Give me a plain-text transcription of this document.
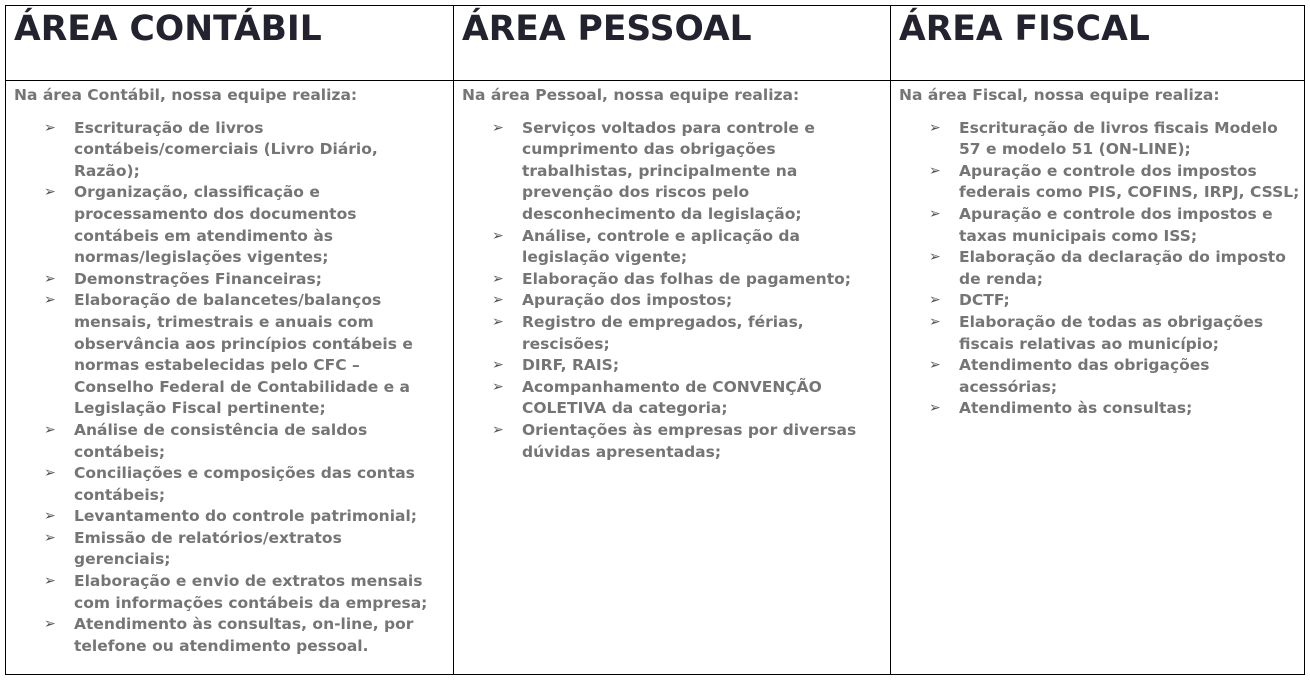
ÁREA CONTÁBIL

Na área Contábil, nossa equipe realiza:

➢ Escrituração de livros contábeis/comerciais (Livro Diário, Razão);
➢ Organização, classificação e processamento dos documentos contábeis em atendimento às normas/legislações vigentes;
➢ Demonstrações Financeiras;
➢ Elaboração de balancetes/balanços mensais, trimestrais e anuais com observância aos princípios contábeis e normas estabelecidas pelo CFC – Conselho Federal de Contabilidade e a Legislação Fiscal pertinente;
➢ Análise de consistência de saldos contábeis;
➢ Conciliações e composições das contas contábeis;
➢ Levantamento do controle patrimonial;
➢ Emissão de relatórios/extratos gerenciais;
➢ Elaboração e envio de extratos mensais com informações contábeis da empresa;
➢ Atendimento às consultas, on-line, por telefone ou atendimento pessoal.
ÁREA PESSOAL

Na área Pessoal, nossa equipe realiza:

➢ Serviços voltados para controle e cumprimento das obrigações trabalhistas, principalmente na prevenção dos riscos pelo desconhecimento da legislação;
➢ Análise, controle e aplicação da legislação vigente;
➢ Elaboração das folhas de pagamento;
➢ Apuração dos impostos;
➢ Registro de empregados, férias, rescisões;
➢ DIRF, RAIS;
➢ Acompanhamento de CONVENÇÃO COLETIVA da categoria;
➢ Orientações às empresas por diversas dúvidas apresentadas;
ÁREA FISCAL

Na área Fiscal, nossa equipe realiza:

➢ Escrituração de livros fiscais Modelo 57 e modelo 51 (ON-LINE);
➢ Apuração e controle dos impostos federais como PIS, COFINS, IRPJ, CSSL;
➢ Apuração e controle dos impostos e taxas municipais como ISS;
➢ Elaboração da declaração do imposto de renda;
➢ DCTF;
➢ Elaboração de todas as obrigações fiscais relativas ao município;
➢ Atendimento das obrigações acessórias;
➢ Atendimento às consultas;
